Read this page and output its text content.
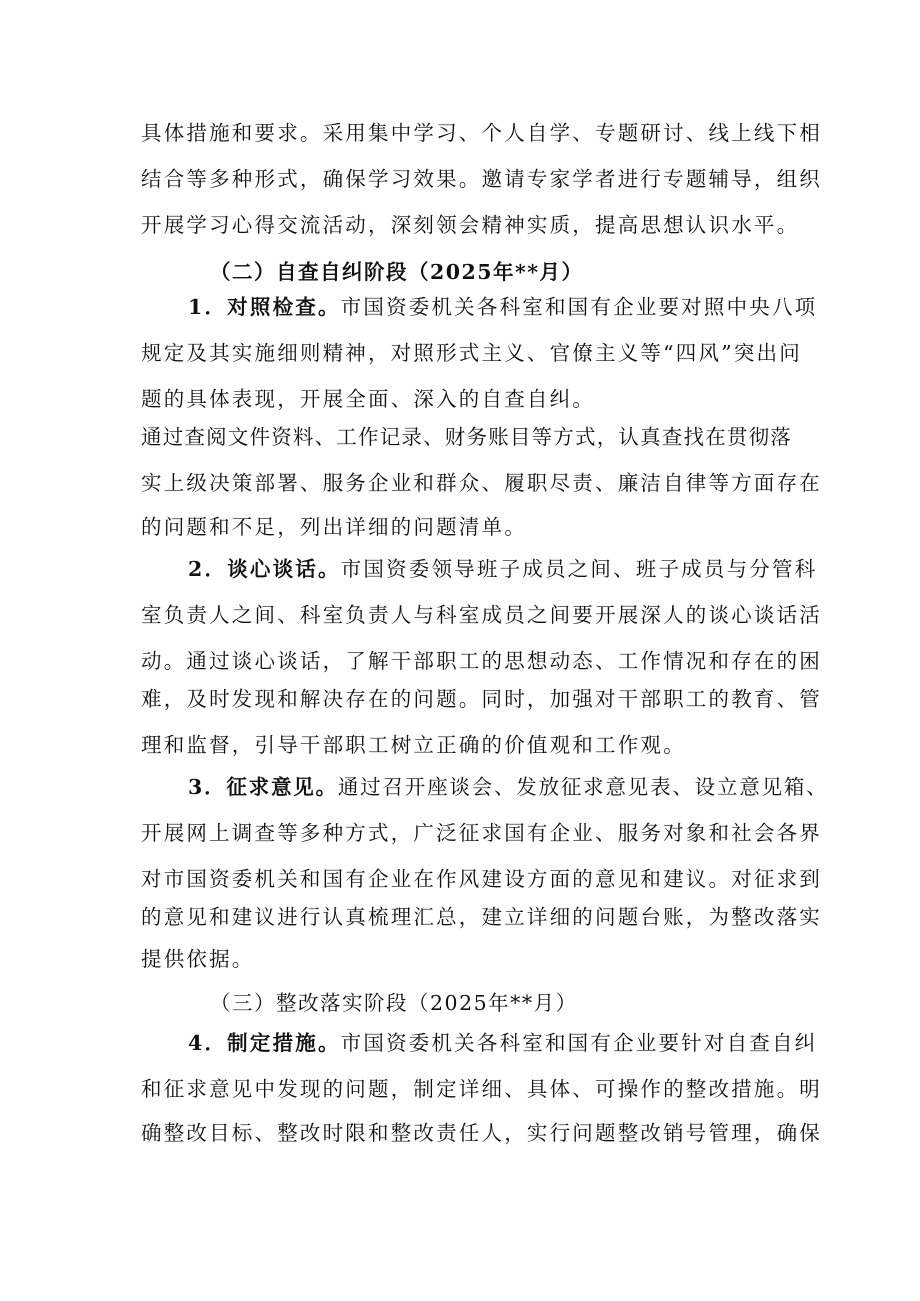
具体措施和要求。采用集中学习、个人自学、专题研讨、线上线下相
结合等多种形式，确保学习效果。邀请专家学者进行专题辅导，组织
开展学习心得交流活动，深刻领会精神实质，提高思想认识水平。
（二）自查自纠阶段（2025年**月）
1．对照检查。市国资委机关各科室和国有企业要对照中央八项
规定及其实施细则精神，对照形式主义、官僚主义等“四风”突出问
题的具体表现，开展全面、深入的自查自纠。
通过查阅文件资料、工作记录、财务账目等方式，认真查找在贯彻落
实上级决策部署、服务企业和群众、履职尽责、廉洁自律等方面存在
的问题和不足，列出详细的问题清单。
2．谈心谈话。市国资委领导班子成员之间、班子成员与分管科
室负责人之间、科室负责人与科室成员之间要开展深人的谈心谈话活
动。通过谈心谈话，了解干部职工的思想动态、工作情况和存在的困
难，及时发现和解决存在的问题。同时，加强对干部职工的教育、管
理和监督，引导干部职工树立正确的价值观和工作观。
3．征求意见。通过召开座谈会、发放征求意见表、设立意见箱、
开展网上调查等多种方式，广泛征求国有企业、服务对象和社会各界
对市国资委机关和国有企业在作风建设方面的意见和建议。对征求到
的意见和建议进行认真梳理汇总，建立详细的问题台账，为整改落实
提供依据。
（三）整改落实阶段（2025年**月）
4．制定措施。市国资委机关各科室和国有企业要针对自查自纠
和征求意见中发现的问题，制定详细、具体、可操作的整改措施。明
确整改目标、整改时限和整改责任人，实行问题整改销号管理，确保
